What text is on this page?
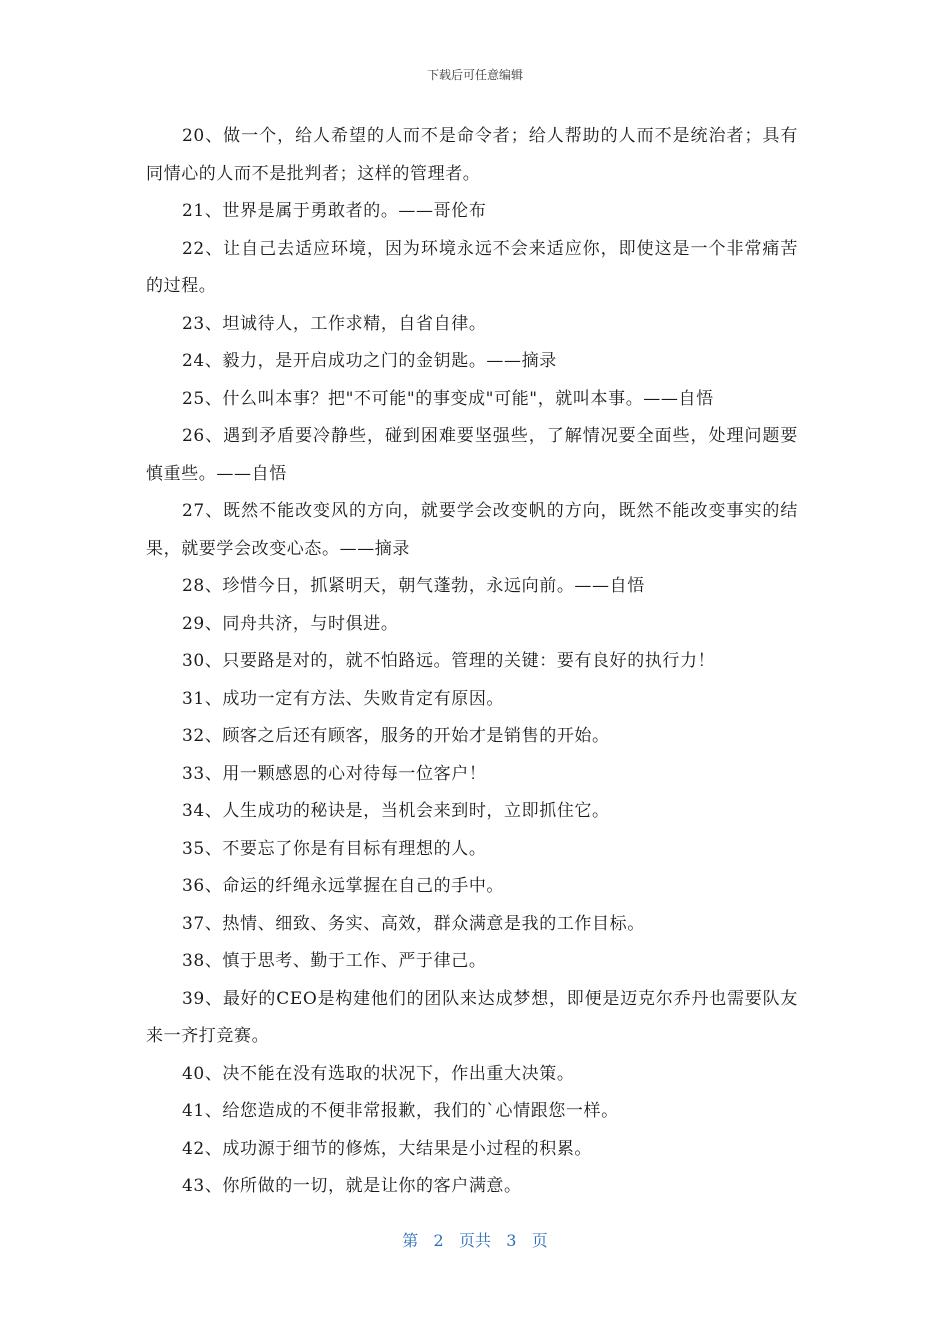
下载后可任意编辑

20、做一个，给人希望的人而不是命令者；给人帮助的人而不是统治者；具有同情心的人而不是批判者；这样的管理者。

21、世界是属于勇敢者的。——哥伦布

22、让自己去适应环境，因为环境永远不会来适应你，即使这是一个非常痛苦的过程。

23、坦诚待人，工作求精，自省自律。

24、毅力，是开启成功之门的金钥匙。——摘录

25、什么叫本事？把"不可能"的事变成"可能"，就叫本事。——自悟

26、遇到矛盾要冷静些，碰到困难要坚强些，了解情况要全面些，处理问题要慎重些。——自悟

27、既然不能改变风的方向，就要学会改变帆的方向，既然不能改变事实的结果，就要学会改变心态。——摘录

28、珍惜今日，抓紧明天，朝气蓬勃，永远向前。——自悟

29、同舟共济，与时俱进。

30、只要路是对的，就不怕路远。管理的关键：要有良好的执行力！

31、成功一定有方法、失败肯定有原因。

32、顾客之后还有顾客，服务的开始才是销售的开始。

33、用一颗感恩的心对待每一位客户！

34、人生成功的秘诀是，当机会来到时，立即抓住它。

35、不要忘了你是有目标有理想的人。

36、命运的纤绳永远掌握在自己的手中。

37、热情、细致、务实、高效，群众满意是我的工作目标。

38、慎于思考、勤于工作、严于律己。

39、最好的CEO是构建他们的团队来达成梦想，即便是迈克尔乔丹也需要队友来一齐打竞赛。

40、决不能在没有选取的状况下，作出重大决策。

41、给您造成的不便非常报歉，我们的`心情跟您一样。

42、成功源于细节的修炼，大结果是小过程的积累。

43、你所做的一切，就是让你的客户满意。

第 2 页共 3 页
